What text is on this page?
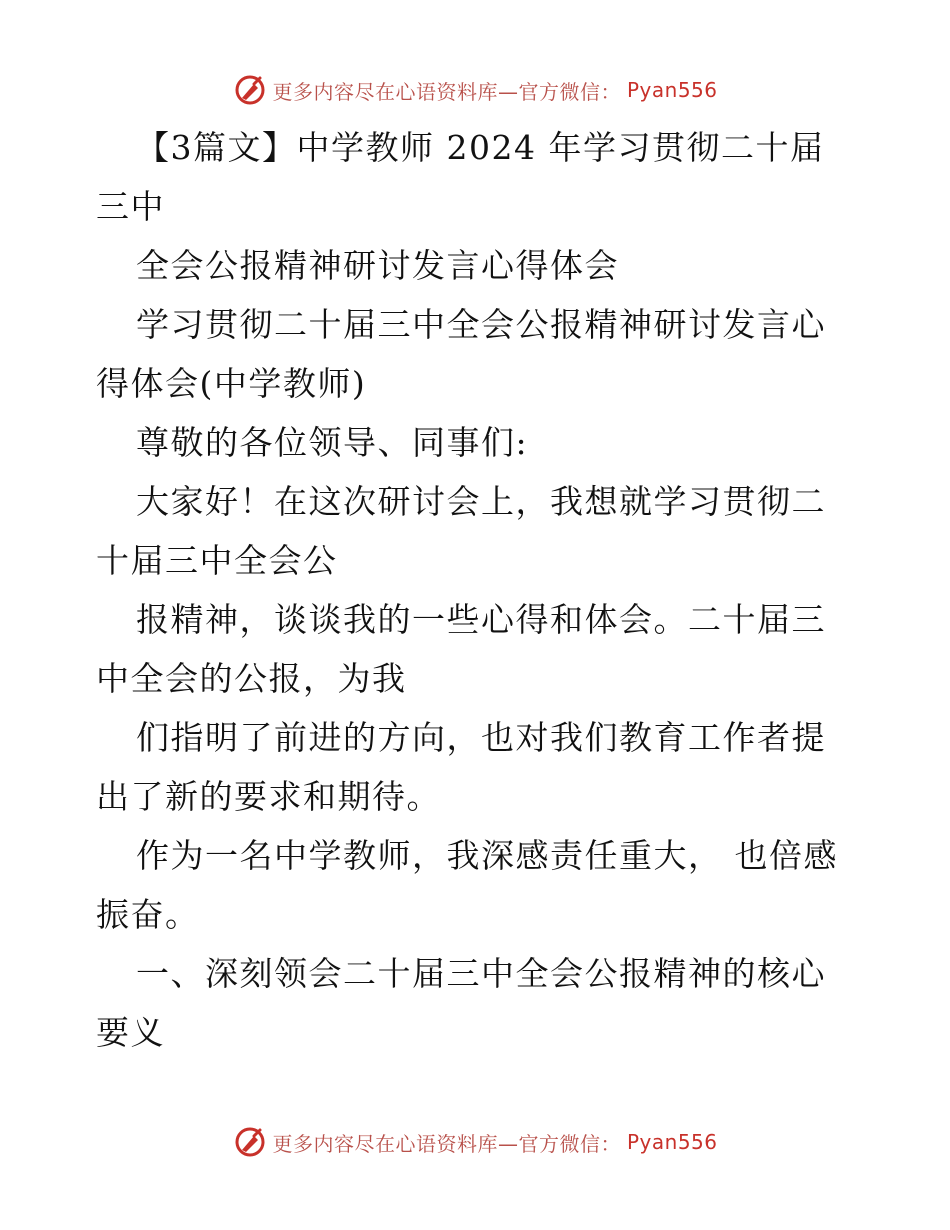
更多内容尽在心语资料库—官方微信： Pyan556

【3篇文】中学教师 2024 年学习贯彻二十届三中

全会公报精神研讨发言心得体会

学习贯彻二十届三中全会公报精神研讨发言心得体会(中学教师)

尊敬的各位领导、同事们:

大家好！在这次研讨会上，我想就学习贯彻二十届三中全会公

报精神，谈谈我的一些心得和体会。二十届三中全会的公报，为我

们指明了前进的方向，也对我们教育工作者提出了新的要求和期待。

作为一名中学教师，我深感责任重大， 也倍感振奋。

一、深刻领会二十届三中全会公报精神的核心要义

更多内容尽在心语资料库—官方微信： Pyan556
